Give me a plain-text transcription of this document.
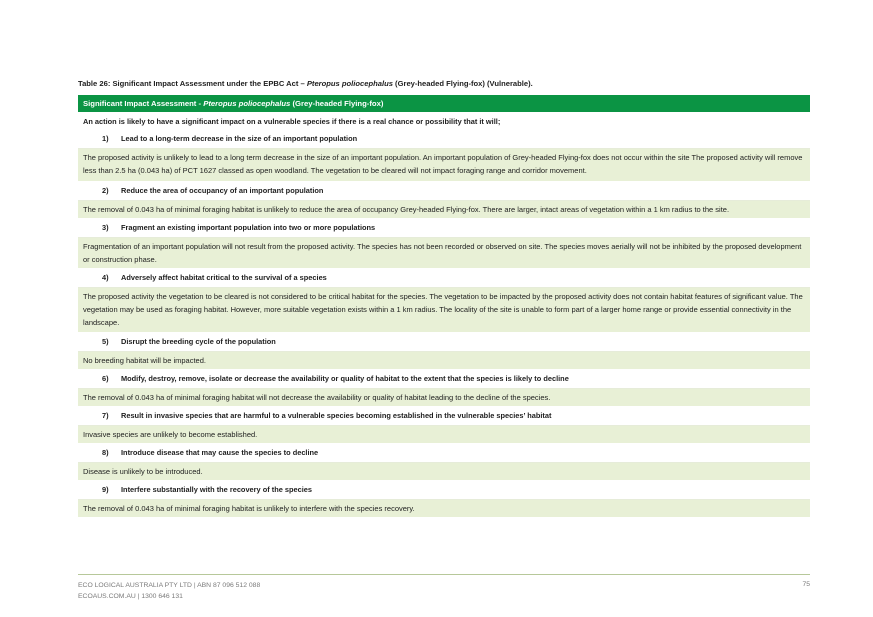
Table 26: Significant Impact Assessment under the EPBC Act – Pteropus poliocephalus (Grey-headed Flying-fox) (Vulnerable).
Significant Impact Assessment - Pteropus poliocephalus (Grey-headed Flying-fox)
An action is likely to have a significant impact on a vulnerable species if there is a real chance or possibility that it will;
1) Lead to a long-term decrease in the size of an important population
The proposed activity is unlikely to lead to a long term decrease in the size of an important population. An important population of Grey-headed Flying-fox does not occur within the site The proposed activity will remove less than 2.5 ha (0.043 ha) of PCT 1627 classed as open woodland. The vegetation to be cleared will not impact foraging range and corridor movement.
2) Reduce the area of occupancy of an important population
The removal of 0.043 ha of minimal foraging habitat is unlikely to reduce the area of occupancy Grey-headed Flying-fox. There are larger, intact areas of vegetation within a 1 km radius to the site.
3) Fragment an existing important population into two or more populations
Fragmentation of an important population will not result from the proposed activity. The species has not been recorded or observed on site. The species moves aerially will not be inhibited by the proposed development or construction phase.
4) Adversely affect habitat critical to the survival of a species
The proposed activity the vegetation to be cleared is not considered to be critical habitat for the species. The vegetation to be impacted by the proposed activity does not contain habitat features of significant value. The vegetation may be used as foraging habitat. However, more suitable vegetation exists within a 1 km radius. The locality of the site is unable to form part of a larger home range or provide essential connectivity in the landscape.
5) Disrupt the breeding cycle of the population
No breeding habitat will be impacted.
6) Modify, destroy, remove, isolate or decrease the availability or quality of habitat to the extent that the species is likely to decline
The removal of 0.043 ha of minimal foraging habitat will not decrease the availability or quality of habitat leading to the decline of the species.
7) Result in invasive species that are harmful to a vulnerable species becoming established in the vulnerable species’ habitat
Invasive species are unlikely to become established.
8) Introduce disease that may cause the species to decline
Disease is unlikely to be introduced.
9) Interfere substantially with the recovery of the species
The removal of 0.043 ha of minimal foraging habitat is unlikely to interfere with the species recovery.
ECO LOGICAL AUSTRALIA PTY LTD | ABN 87 096 512 088
ECOAUS.COM.AU | 1300 646 131
75
